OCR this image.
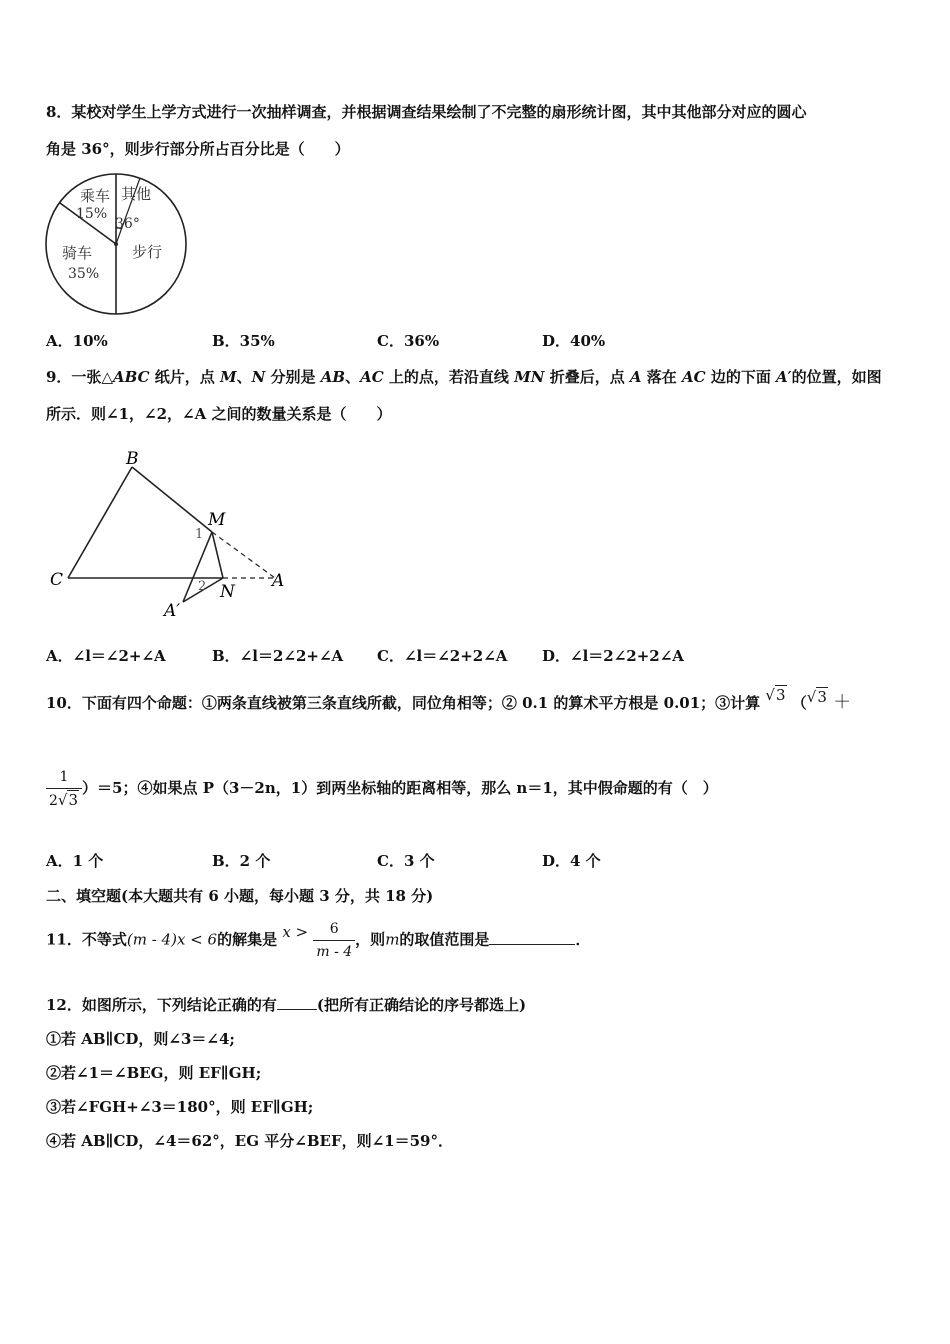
8．某校对学生上学方式进行一次抽样调查，并根据调查结果绘制了不完整的扇形统计图，其中其他部分对应的圆心
角是 36°，则步行部分所占百分比是（　　）
乘车
15%
其他
36°
骑车
35%
步行
A．10%	B．35%	C．36%	D．40%
9．一张△ABC 纸片，点 M、N 分别是 AB、AC 上的点，若沿直线 MN 折叠后，点 A 落在 AC 边的下面 A′的位置，如图
所示．则∠1，∠2，∠A 之间的数量关系是（　　）
B
M
C	A
A′
N
1
2
A．∠l＝∠2+∠A	B．∠l＝2∠2+∠A C．∠l＝∠2+2∠A D．∠l＝2∠2+2∠A
10．下面有四个命题：①两条直线被第三条直线所截，同位角相等；② 0.1 的算术平方根是 0.01；③计算 √3 （√3 ＋
$\frac{1}{2√3} )=5$；④如果点 P（3－2n，1）到两坐标轴的距离相等，那么 n＝1，其中假命题的有（　）
A．1 个	B．2 个	C．3 个	D．4 个
二、填空题(本大题共有 6 小题，每小题 3 分，共 18 分)
11．不等式(m - 4)x < 6的解集是 $x > \frac{6}{m - 4}$ ，则m的取值范围是	．
12．如图所示，下列结论正确的有	(把所有正确结论的序号都选上)
①若 AB∥CD，则∠3＝∠4;
②若∠1＝∠BEG，则 EF∥GH;
③若∠FGH+∠3＝180°，则 EF∥GH;
④若 AB∥CD，∠4＝62°，EG 平分∠BEF，则∠1＝59°．
